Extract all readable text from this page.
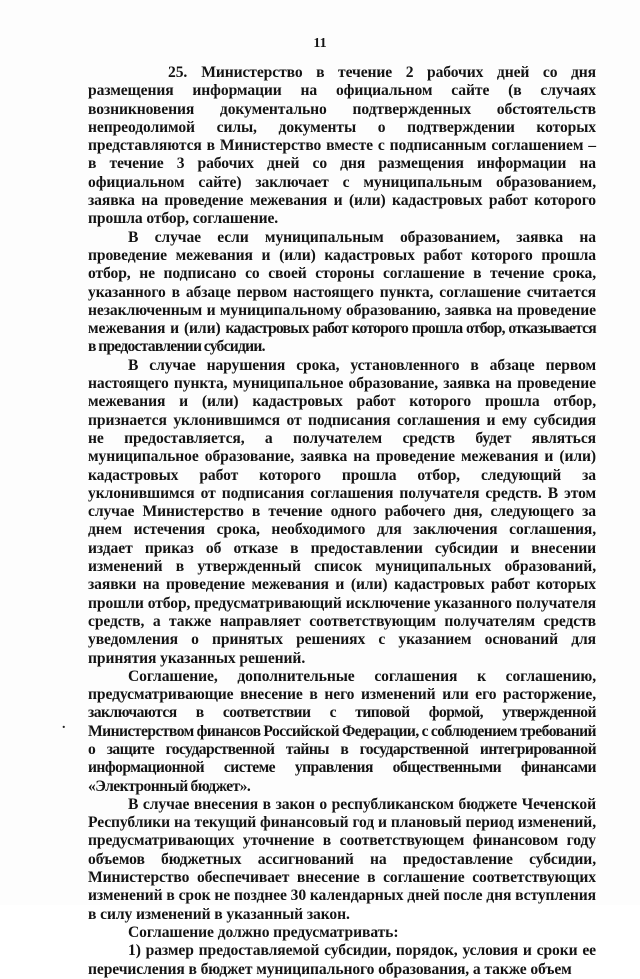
11
.

25. Министерство в течение 2 рабочих дней со дня размещения информации на официальном сайте (в случаях возникновения документально подтвержденных обстоятельств непреодолимой силы, документы о подтверждении которых представляются в Министерство вместе с подписанным соглашением – в течение 3 рабочих дней со дня размещения информации на официальном сайте) заключает с муниципальным образованием, заявка на проведение межевания и (или) кадастровых работ которого прошла отбор, соглашение.

В случае если муниципальным образованием, заявка на проведение межевания и (или) кадастровых работ которого прошла отбор, не подписано со своей стороны соглашение в течение срока, указанного в абзаце первом настоящего пункта, соглашение считается незаключенным и муниципальному образованию, заявка на проведение межевания и (или) кадастровых работ которого прошла отбор, отказывается в предоставлении субсидии.

В случае нарушения срока, установленного в абзаце первом настоящего пункта, муниципальное образование, заявка на проведение межевания и (или) кадастровых работ которого прошла отбор, признается уклонившимся от подписания соглашения и ему субсидия не предоставляется, а получателем средств будет являться муниципальное образование, заявка на проведение межевания и (или) кадастровых работ которого прошла отбор, следующий за уклонившимся от подписания соглашения получателя средств. В этом случае Министерство в течение одного рабочего дня, следующего за днем истечения срока, необходимого для заключения соглашения, издает приказ об отказе в предоставлении субсидии и внесении изменений в утвержденный список муниципальных образований, заявки на проведение межевания и (или) кадастровых работ которых прошли отбор, предусматривающий исключение указанного получателя средств, а также направляет соответствующим получателям средств уведомления о принятых решениях с указанием оснований для принятия указанных решений.

Соглашение, дополнительные соглашения к соглашению, предусматривающие внесение в него изменений или его расторжение, заключаются в соответствии с типовой формой, утвержденной Министерством финансов Российской Федерации, с соблюдением требований о защите государственной тайны в государственной интегрированной информационной системе управления общественными финансами «Электронный бюджет».

В случае внесения в закон о республиканском бюджете Чеченской Республики на текущий финансовый год и плановый период изменений, предусматривающих уточнение в соответствующем финансовом году объемов бюджетных ассигнований на предоставление субсидии, Министерство обеспечивает внесение в соглашение соответствующих изменений в срок не позднее 30 календарных дней после дня вступления в силу изменений в указанный закон.

Соглашение должно предусматривать:

1) размер предоставляемой субсидии, порядок, условия и сроки ее перечисления в бюджет муниципального образования, а также объем
